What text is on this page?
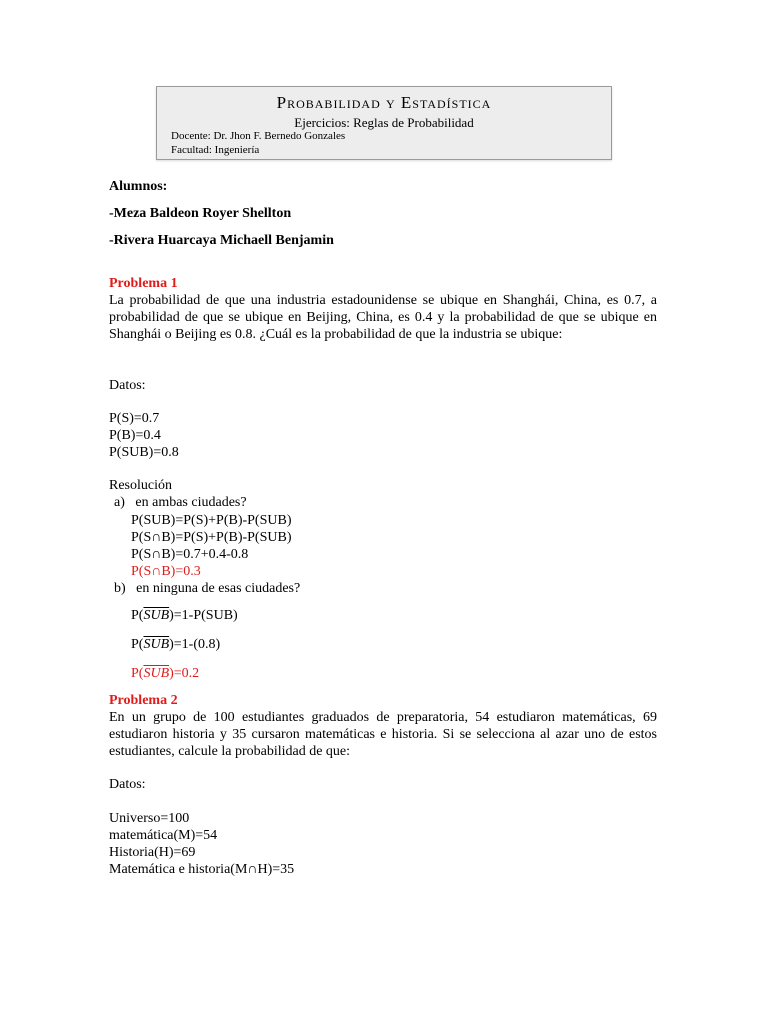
Probabilidad y Estadística
Ejercicios: Reglas de Probabilidad
Docente: Dr. Jhon F. Bernedo Gonzales
Facultad: Ingeniería
Alumnos:
-Meza Baldeon Royer Shellton
-Rivera Huarcaya Michaell Benjamin
Problema 1
La probabilidad de que una industria estadounidense se ubique en Shanghái, China, es 0.7, a probabilidad de que se ubique en Beijing, China, es 0.4 y la probabilidad de que se ubique en Shanghái o Beijing es 0.8. ¿Cuál es la probabilidad de que la industria se ubique:
Datos:
P(S)=0.7
P(B)=0.4
P(SUB)=0.8
Resolución
a) en ambas ciudades?
P(SUB)=P(S)+P(B)-P(SUB)
P(S∩B)=P(S)+P(B)-P(SUB)
P(S∩B)=0.7+0.4-0.8
P(S∩B)=0.3
b) en ninguna de esas ciudades?
$P(\overline{SUB})=1-P(SUB)$
$P(\overline{SUB})=1-(0.8)$
$P(\overline{SUB})=0.2$
Problema 2
En un grupo de 100 estudiantes graduados de preparatoria, 54 estudiaron matemáticas, 69 estudiaron historia y 35 cursaron matemáticas e historia. Si se selecciona al azar uno de estos estudiantes, calcule la probabilidad de que:
Datos:
Universo=100
matemática(M)=54
Historia(H)=69
Matemática e historia(M∩H)=35
